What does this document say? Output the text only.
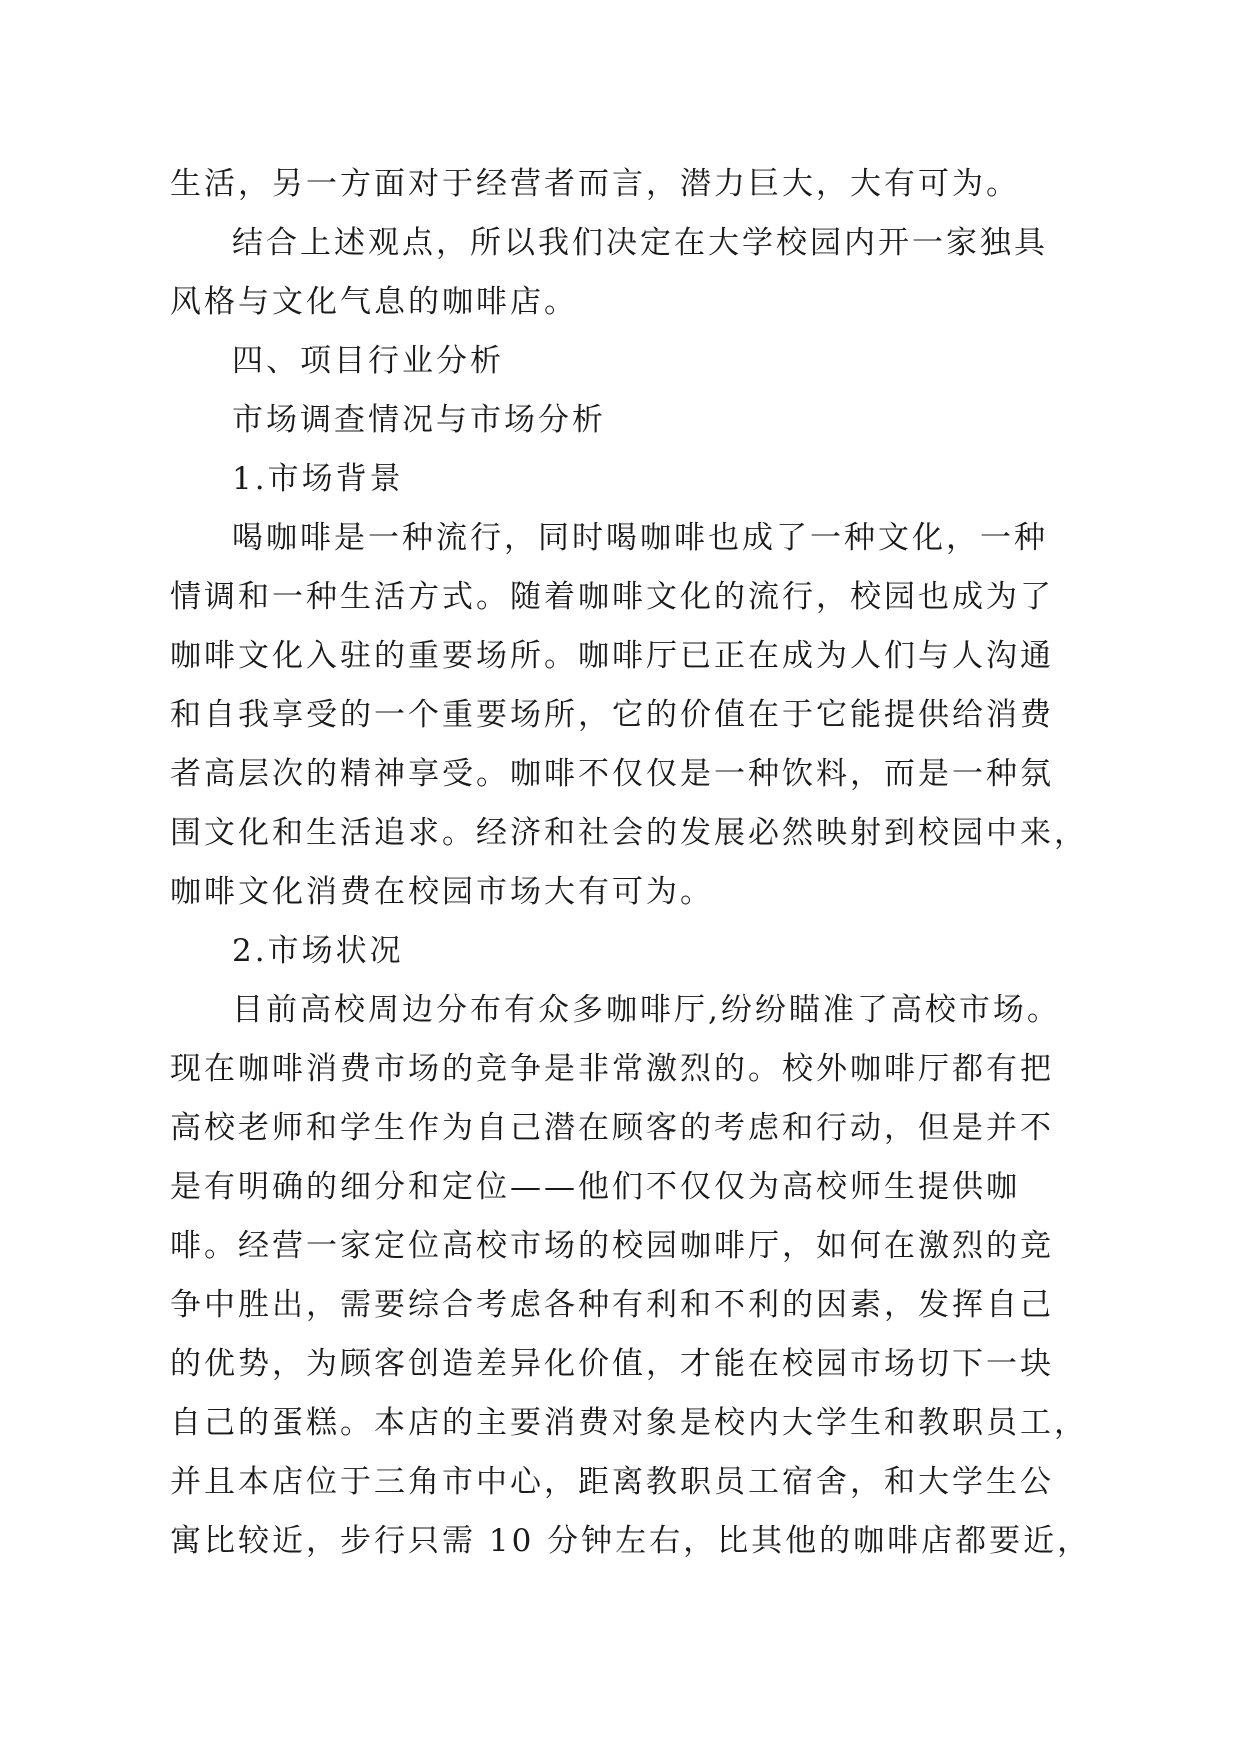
生活，另一方面对于经营者而言，潜力巨大，大有可为。
结合上述观点，所以我们决定在大学校园内开一家独具
风格与文化气息的咖啡店。
四、项目行业分析
市场调查情况与市场分析
1.市场背景
喝咖啡是一种流行，同时喝咖啡也成了一种文化，一种
情调和一种生活方式。随着咖啡文化的流行，校园也成为了
咖啡文化入驻的重要场所。咖啡厅已正在成为人们与人沟通
和自我享受的一个重要场所，它的价值在于它能提供给消费
者高层次的精神享受。咖啡不仅仅是一种饮料，而是一种氛
围文化和生活追求。经济和社会的发展必然映射到校园中来，
咖啡文化消费在校园市场大有可为。
2.市场状况
目前高校周边分布有众多咖啡厅,纷纷瞄准了高校市场。
现在咖啡消费市场的竞争是非常激烈的。校外咖啡厅都有把
高校老师和学生作为自己潜在顾客的考虑和行动，但是并不
是有明确的细分和定位——他们不仅仅为高校师生提供咖
啡。经营一家定位高校市场的校园咖啡厅，如何在激烈的竞
争中胜出，需要综合考虑各种有利和不利的因素，发挥自己
的优势，为顾客创造差异化价值，才能在校园市场切下一块
自己的蛋糕。本店的主要消费对象是校内大学生和教职员工，
并且本店位于三角市中心，距离教职员工宿舍，和大学生公
寓比较近，步行只需 10 分钟左右，比其他的咖啡店都要近，
